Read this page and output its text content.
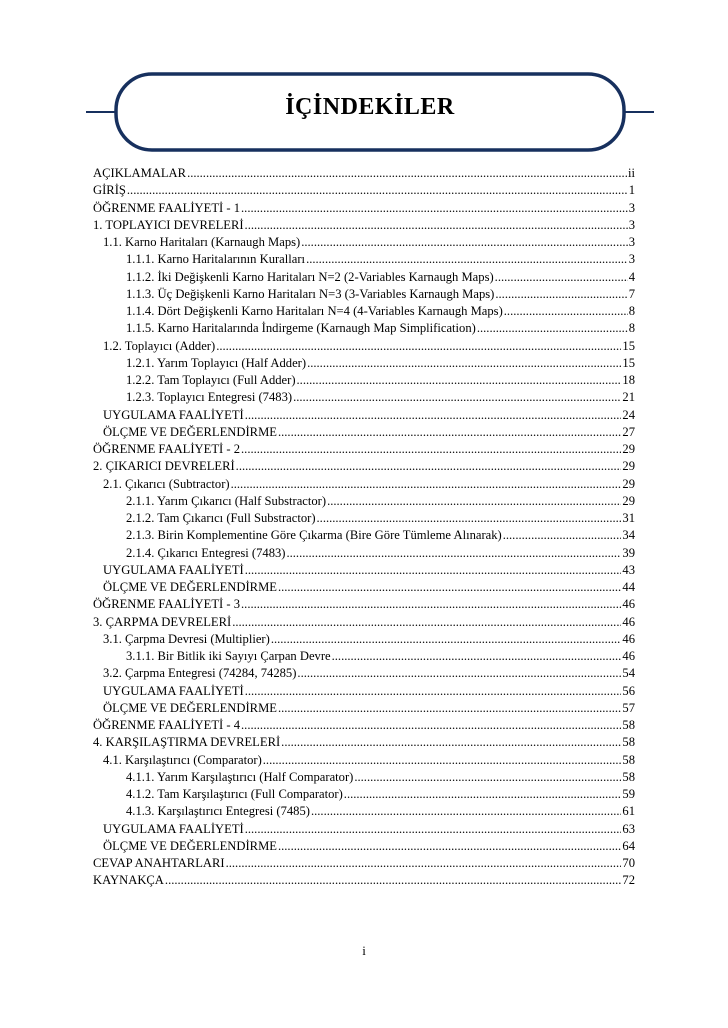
İÇİNDEKİLER
AÇIKLAMALAR .....	ii
GİRİŞ .....	1
ÖĞRENME FAALİYETİ - 1 .....	3
1. TOPLAYICI DEVRELERİ .....	3
1.1. Karno Haritaları (Karnaugh Maps) .....	3
1.1.1. Karno Haritalarının Kuralları .....	3
1.1.2. İki Değişkenli Karno Haritaları N=2 (2-Variables Karnaugh Maps) .....	4
1.1.3. Üç Değişkenli Karno Haritaları N=3 (3-Variables Karnaugh Maps) .....	7
1.1.4. Dört Değişkenli Karno Haritaları N=4 (4-Variables Karnaugh Maps) .....	8
1.1.5. Karno Haritalarında İndirgeme (Karnaugh Map Simplification) .....	8
1.2. Toplayıcı (Adder) .....	15
1.2.1. Yarım Toplayıcı (Half Adder) .....	15
1.2.2. Tam Toplayıcı (Full Adder) .....	18
1.2.3. Toplayıcı Entegresi (7483) .....	21
UYGULAMA FAALİYETİ .....	24
ÖLÇME VE DEĞERLENDİRME .....	27
ÖĞRENME FAALİYETİ - 2 .....	29
2. ÇIKARICI DEVRELERİ .....	29
2.1. Çıkarıcı (Subtractor) .....	29
2.1.1. Yarım Çıkarıcı (Half Substractor) .....	29
2.1.2. Tam Çıkarıcı (Full Substractor) .....	31
2.1.3. Birin Komplementine Göre Çıkarma (Bire Göre Tümleme Alınarak) .....	34
2.1.4. Çıkarıcı Entegresi (7483) .....	39
UYGULAMA FAALİYETİ .....	43
ÖLÇME VE DEĞERLENDİRME .....	44
ÖĞRENME FAALİYETİ - 3 .....	46
3. ÇARPMA DEVRELERİ .....	46
3.1. Çarpma Devresi (Multiplier) .....	46
3.1.1. Bir Bitlik iki Sayıyı Çarpan Devre .....	46
3.2. Çarpma Entegresi (74284, 74285) .....	54
UYGULAMA FAALİYETİ .....	56
ÖLÇME VE DEĞERLENDİRME .....	57
ÖĞRENME FAALİYETİ - 4 .....	58
4. KARŞILAŞTIRMA DEVRELERİ .....	58
4.1. Karşılaştırıcı (Comparator) .....	58
4.1.1. Yarım Karşılaştırıcı (Half Comparator) .....	58
4.1.2. Tam Karşılaştırıcı (Full Comparator) .....	59
4.1.3. Karşılaştırıcı Entegresi (7485) .....	61
UYGULAMA FAALİYETİ .....	63
ÖLÇME VE DEĞERLENDİRME .....	64
CEVAP ANAHTARLARI .....	70
KAYNAKÇA .....	72
i
